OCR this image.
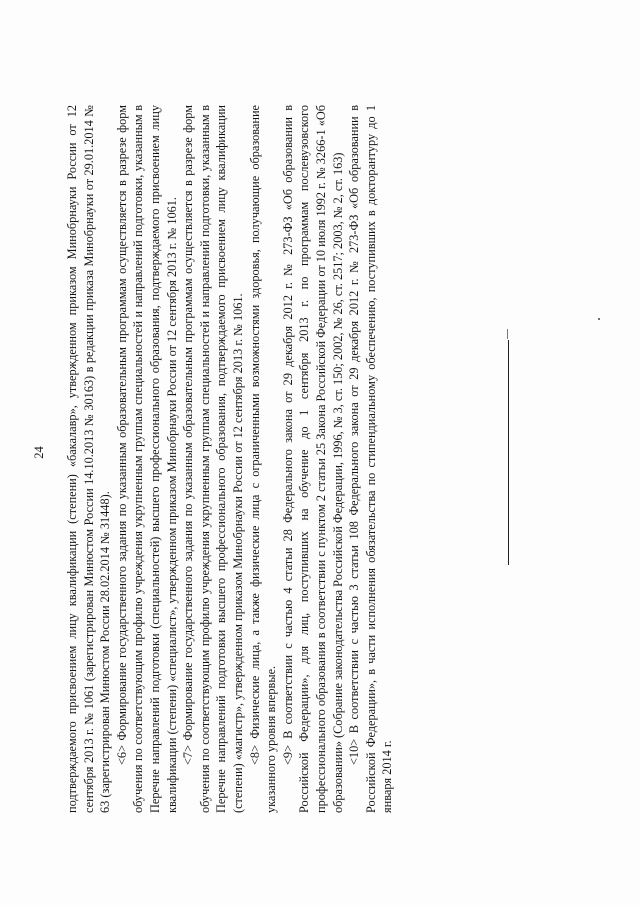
24 подтверждаемого присвоением лицу квалификации (степени) «бакалавр», утвержденном приказом Минобрнауки России от 12 сентября 2013 г. № 1061 (зарегистрирован Минюстом России 14.10.2013 № 30163) в редакции приказа Минобрнауки от 29.01.2014 № 63 (зарегистрирован Минюстом России 28.02.2014 № 31448). <6> Формирование государственного задания по указанным образовательным программам осуществляется в разрезе форм обучения по соответствующим профилю учреждения укрупненным группам специальностей и направлений подготовки, указанным в Перечне направлений подготовки (специальностей) высшего профессионального образования, подтверждаемого присвоением лицу квалификации (степени) «специалист», утвержденном приказом Минобрнауки России от 12 сентября 2013 г. № 1061. <7> Формирование государственного задания по указанным образовательным программам осуществляется в разрезе форм обучения по соответствующим профилю учреждения укрупненным группам специальностей и направлений подготовки, указанным в Перечне направлений подготовки высшего профессионального образования, подтверждаемого присвоением лицу квалификации (степени) «магистр», утвержденном приказом Минобрнауки России от 12 сентября 2013 г. № 1061. <8> Физические лица, а также физические лица с ограниченными возможностями здоровья, получающие образование указанного уровня впервые. <9> В соответствии с частью 4 статьи 28 Федерального закона от 29 декабря 2012 г. № 273-ФЗ «Об образовании в Российской Федерации», для лиц, поступивших на обучение до 1 сентября 2013 г. по программам послевузовского профессионального образования в соответствии с пунктом 2 статьи 25 Закона Российской Федерации от 10 июля 1992 г. № 3266-1 «Об образовании» (Собрание законодательства Российской Федерации, 1996, № 3, ст. 150; 2002, № 26, ст. 2517; 2003, № 2, ст. 163) <10> В соответствии с частью 3 статьи 108 Федерального закона от 29 декабря 2012 г. № 273-ФЗ «Об образовании в Российской Федерации», в части исполнения обязательства по стипендиальному обеспечению, поступивших в докторантуру до 1 января 2014 г.
